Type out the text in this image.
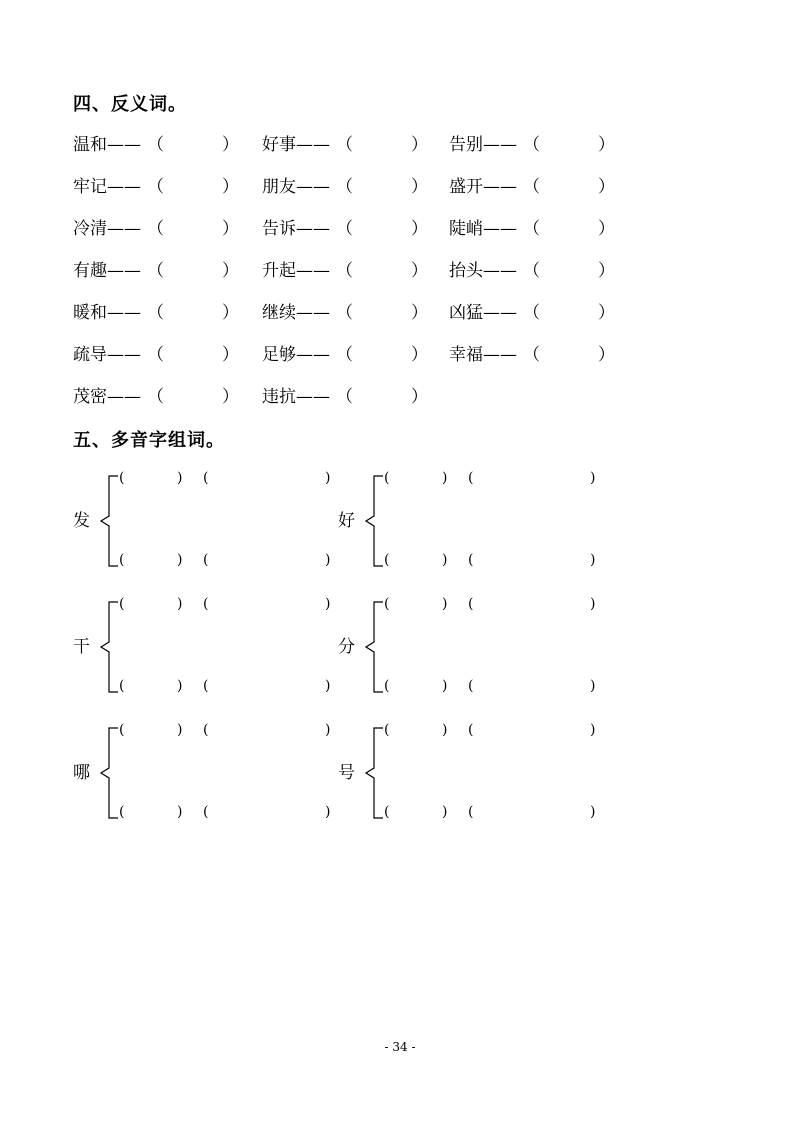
四、反义词。
温和—— （	） 好事—— （	） 告别—— （	）
牢记—— （	） 朋友—— （	） 盛开—— （	）
冷清—— （	） 告诉—— （	） 陡峭—— （	）
有趣—— （	） 升起—— （	） 抬头—— （	）
暖和—— （	） 继续—— （	） 凶猛—— （	）
疏导—— （	） 足够—— （	） 幸福—— （	）
茂密—— （	） 违抗—— （	）
五、多音字组词。
发
(	) (	)
(	) (	)
好
(	) (	)
(	) (	)
干
(	) (	)
(	) (	)
分
(	) (	)
(	) (	)
哪
(	) (	)
(	) (	)
号
(	) (	)
(	) (	)
- 34 -
